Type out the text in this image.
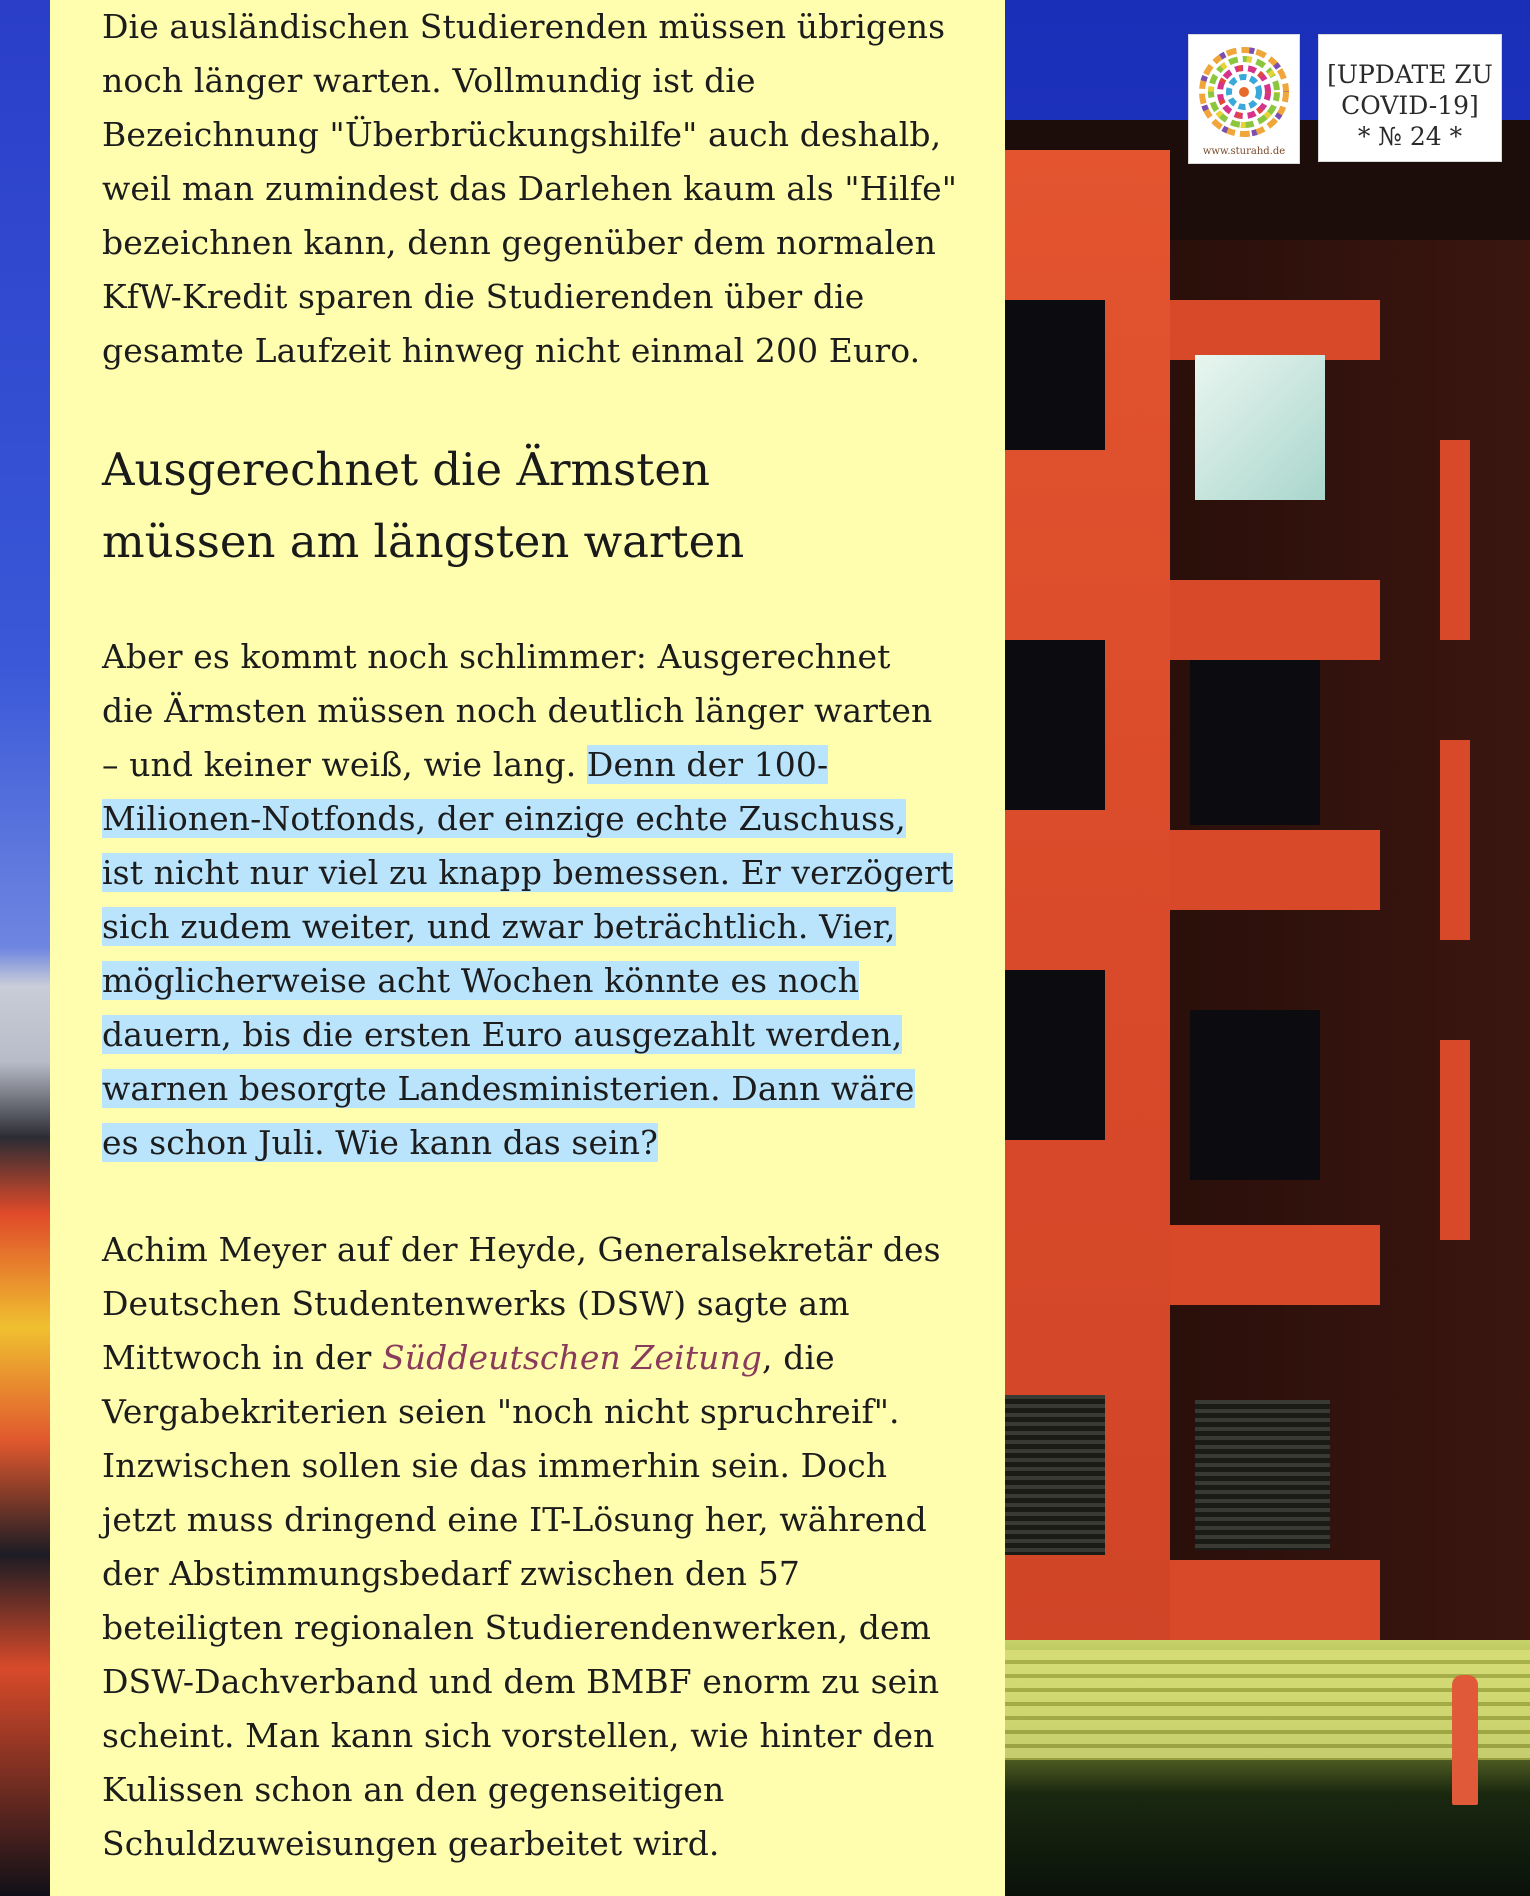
Die ausländischen Studierenden müssen übrigens

noch länger warten. Vollmundig ist die

Bezeichnung "Überbrückungshilfe" auch deshalb,

weil man zumindest das Darlehen kaum als "Hilfe"

bezeichnen kann, denn gegenüber dem normalen

KfW-Kredit sparen die Studierenden über die

gesamte Laufzeit hinweg nicht einmal 200 Euro.

Ausgerechnet die Ärmsten
müssen am längsten warten

Aber es kommt noch schlimmer: Ausgerechnet

die Ärmsten müssen noch deutlich länger warten

– und keiner weiß, wie lang. Denn der 100-

Milionen-Notfonds, der einzige echte Zuschuss,

ist nicht nur viel zu knapp bemessen. Er verzögert

sich zudem weiter, und zwar beträchtlich. Vier,

möglicherweise acht Wochen könnte es noch

dauern, bis die ersten Euro ausgezahlt werden,

warnen besorgte Landesministerien. Dann wäre

es schon Juli. Wie kann das sein?

Achim Meyer auf der Heyde, Generalsekretär des

Deutschen Studentenwerks (DSW) sagte am

Mittwoch in der Süddeutschen Zeitung, die

Vergabekriterien seien "noch nicht spruchreif".

Inzwischen sollen sie das immerhin sein. Doch

jetzt muss dringend eine IT-Lösung her, während

der Abstimmungsbedarf zwischen den 57

beteiligten regionalen Studierendenwerken, dem

DSW-Dachverband und dem BMBF enorm zu sein

scheint. Man kann sich vorstellen, wie hinter den

Kulissen schon an den gegenseitigen

Schuldzuweisungen gearbeitet wird.

www.sturahd.de
[UPDATE ZU
COVID-19]
* № 24 *
